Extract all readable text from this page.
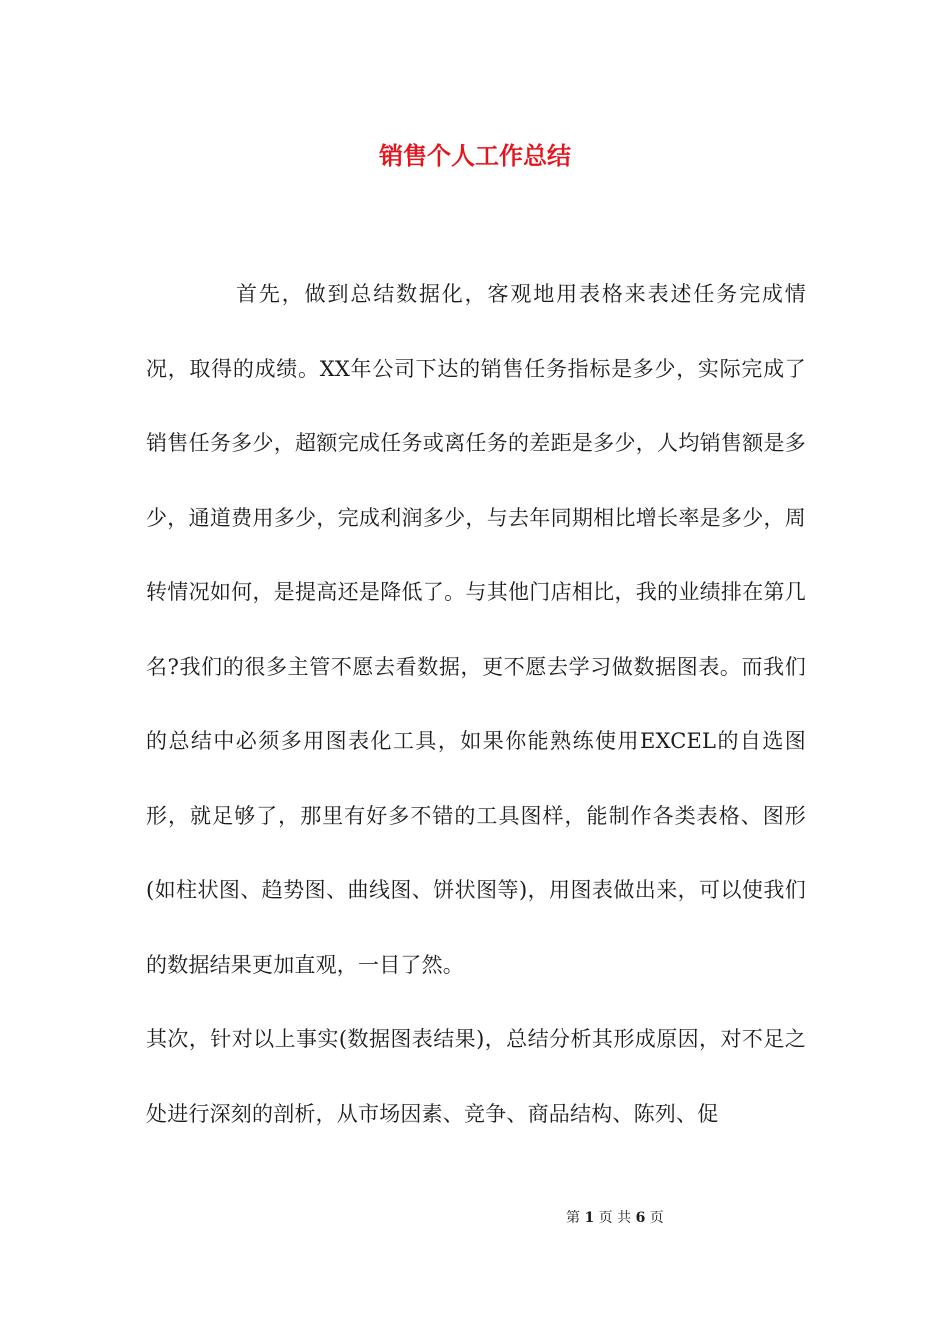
销售个人工作总结

首先，做到总结数据化，客观地用表格来表述任务完成情况，取得的成绩。XX年公司下达的销售任务指标是多少，实际完成了销售任务多少，超额完成任务或离任务的差距是多少，人均销售额是多少，通道费用多少，完成利润多少，与去年同期相比增长率是多少，周转情况如何，是提高还是降低了。与其他门店相比，我的业绩排在第几名?我们的很多主管不愿去看数据，更不愿去学习做数据图表。而我们的总结中必须多用图表化工具，如果你能熟练使用EXCEL的自选图形，就足够了，那里有好多不错的工具图样，能制作各类表格、图形(如柱状图、趋势图、曲线图、饼状图等)，用图表做出来，可以使我们的数据结果更加直观，一目了然。

其次，针对以上事实(数据图表结果)，总结分析其形成原因，对不足之处进行深刻的剖析，从市场因素、竞争、商品结构、陈列、促

第 1 页 共 6 页
